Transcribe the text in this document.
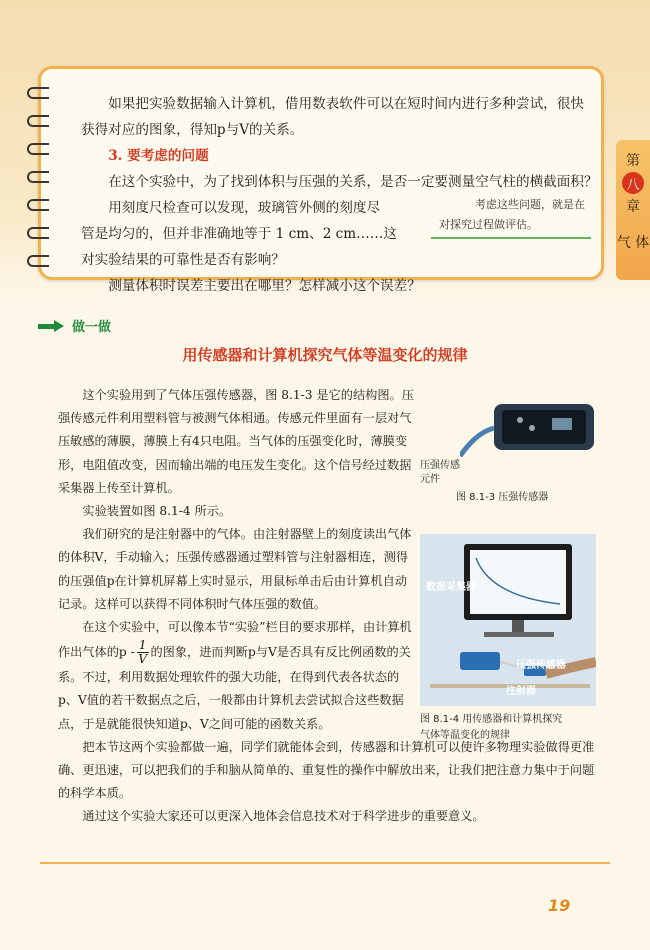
第
八
章
气 体

如果把实验数据输入计算机，借用数表软件可以在短时间内进行多种尝试，很快

获得对应的图象，得知p与V的关系。

3. 要考虑的问题

在这个实验中，为了找到体积与压强的关系，是否一定要测量空气柱的横截面积？

用刻度尺检查可以发现，玻璃管外侧的刻度尽

管是均匀的，但并非准确地等于 1 cm、2 cm……这

对实验结果的可靠性是否有影响？

测量体积时误差主要出在哪里？怎样减小这个误差？

考虑这些问题，就是在
对探究过程做评估。
做一做
用传感器和计算机探究气体等温变化的规律

这个实验用到了气体压强传感器，图 8.1-3 是它的结构图。压强传感元件利用塑料管与被测气体相通。传感元件里面有一层对气压敏感的薄膜，薄膜上有4只电阻。当气体的压强变化时，薄膜变形，电阻值改变，因而输出端的电压发生变化。这个信号经过数据采集器上传至计算机。

实验装置如图 8.1-4 所示。

我们研究的是注射器中的气体。由注射器壁上的刻度读出气体的体积V，手动输入；压强传感器通过塑料管与注射器相连，测得的压强值p在计算机屏幕上实时显示，用鼠标单击后由计算机自动记录。这样可以获得不同体积时气体压强的数值。

在这个实验中，可以像本节“实验”栏目的要求那样，由计算机作出气体的p - $\frac{1}{V}$ 的图象，进而判断p与V是否具有反比例函数的关系。不过，利用数据处理软件的强大功能，在得到代表各状态的p、V值的若干数据点之后，一般都由计算机去尝试拟合这些数据点，于是就能很快知道p、V之间可能的函数关系。

把本节这两个实验都做一遍，同学们就能体会到，传感器和计算机可以使许多物理实验做得更准确、更迅速，可以把我们的手和脑从简单的、重复性的操作中解放出来，让我们把注意力集中于问题的科学本质。

通过这个实验大家还可以更深入地体会信息技术对于科学进步的重要意义。

压强传感
元件
图 8.1-3 压强传感器
数据采集器
压强传感器
注射器
图 8.1-4 用传感器和计算机探究
气体等温变化的规律
19
